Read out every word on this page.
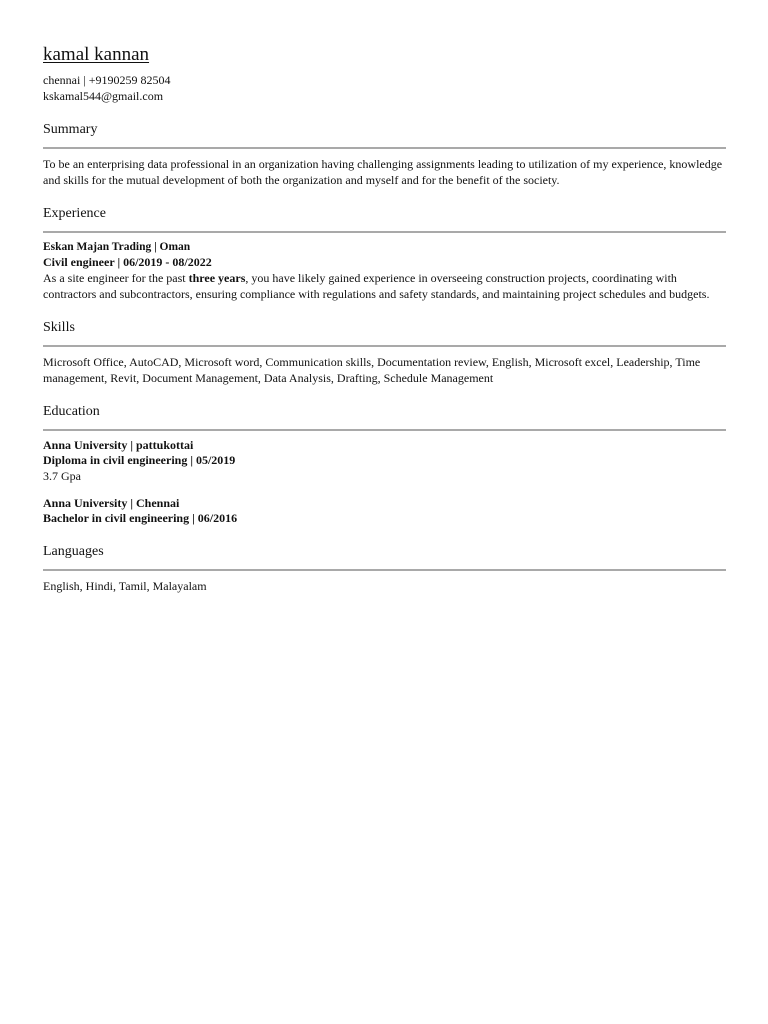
kamal kannan
chennai | +9190259 82504
kskamal544@gmail.com
Summary

To be an enterprising data professional in an organization having challenging assignments leading to utilization of my experience, knowledge and skills for the mutual development of both the organization and myself and for the benefit of the society.

Experience
Eskan Majan Trading | Oman
Civil engineer | 06/2019 - 08/2022
As a site engineer for the past three years, you have likely gained experience in overseeing construction projects, coordinating with contractors and subcontractors, ensuring compliance with regulations and safety standards, and maintaining project schedules and budgets.
Skills
Microsoft Office, AutoCAD, Microsoft word, Communication skills, Documentation review, English, Microsoft excel, Leadership, Time management, Revit, Document Management, Data Analysis, Drafting, Schedule Management
Education
Anna University | pattukottai
Diploma in civil engineering | 05/2019
3.7 Gpa
Anna University | Chennai
Bachelor in civil engineering | 06/2016
Languages
English, Hindi, Tamil, Malayalam
